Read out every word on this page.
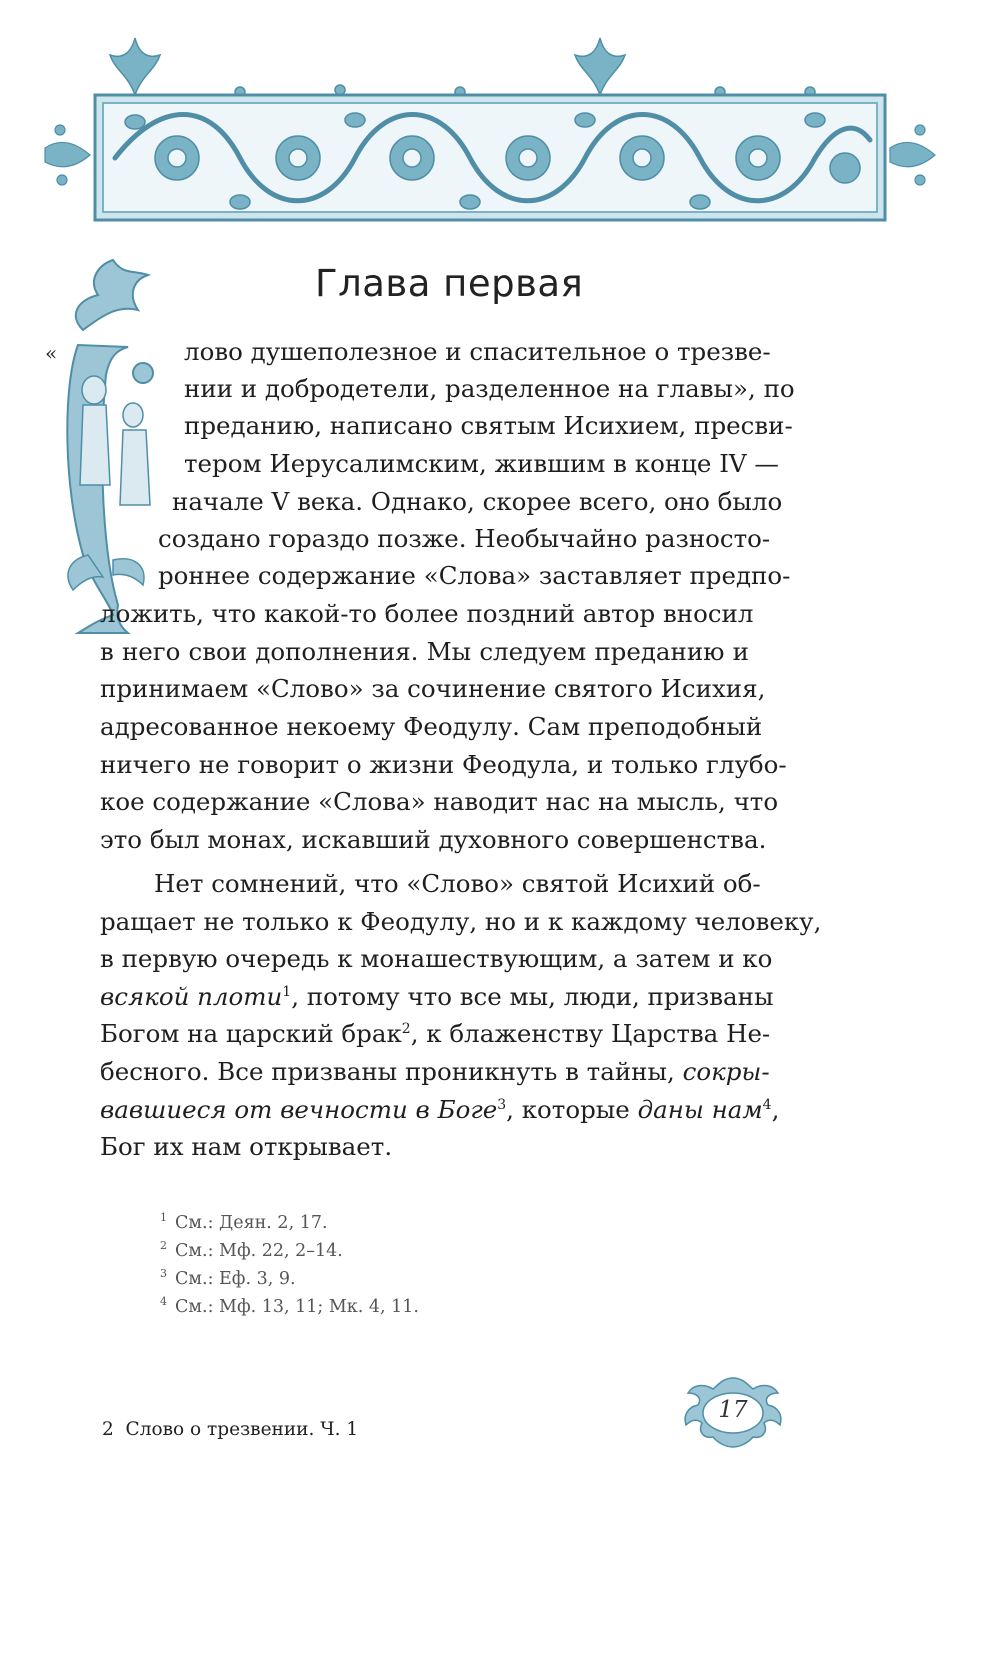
Глава первая
«	лово душеполезное и спасительное о трезве-
нии и добродетели, разделенное на главы», по
преданию, написано святым Исихием, пресви-
тером Иерусалимским, жившим в конце IV —
начале V века. Однако, скорее всего, оно было
создано гораздо позже. Необычайно разносто-
роннее содержание «Слова» заставляет предпо-
ложить, что какой-то более поздний автор вносил
в него свои дополнения. Мы следуем преданию и
принимаем «Слово» за сочинение святого Исихия,
адресованное некоему Феодулу. Сам преподобный
ничего не говорит о жизни Феодула, и только глубо-
кое содержание «Слова» наводит нас на мысль, что
это был монах, искавший духовного совершенства.
Нет сомнений, что «Слово» святой Исихий об-
ращает не только к Феодулу, но и к каждому человеку,
в первую очередь к монашествующим, а затем и ко
всякой плоти$^1$, потому что все мы, люди, призваны
Богом на царский брак$^2$, к блаженству Царства Не-
бесного. Все призваны проникнуть в тайны, сокры-
вавшиеся от вечности в Боге$^3$, которые даны нам$^4$,
Бог их нам открывает.
$^1$ См.: Деян. 2, 17.
$^2$ См.: Мф. 22, 2–14.
$^3$ См.: Еф. 3, 9.
$^4$ См.: Мф. 13, 11; Мк. 4, 11.
2 Слово о трезвении. Ч. 1
17
